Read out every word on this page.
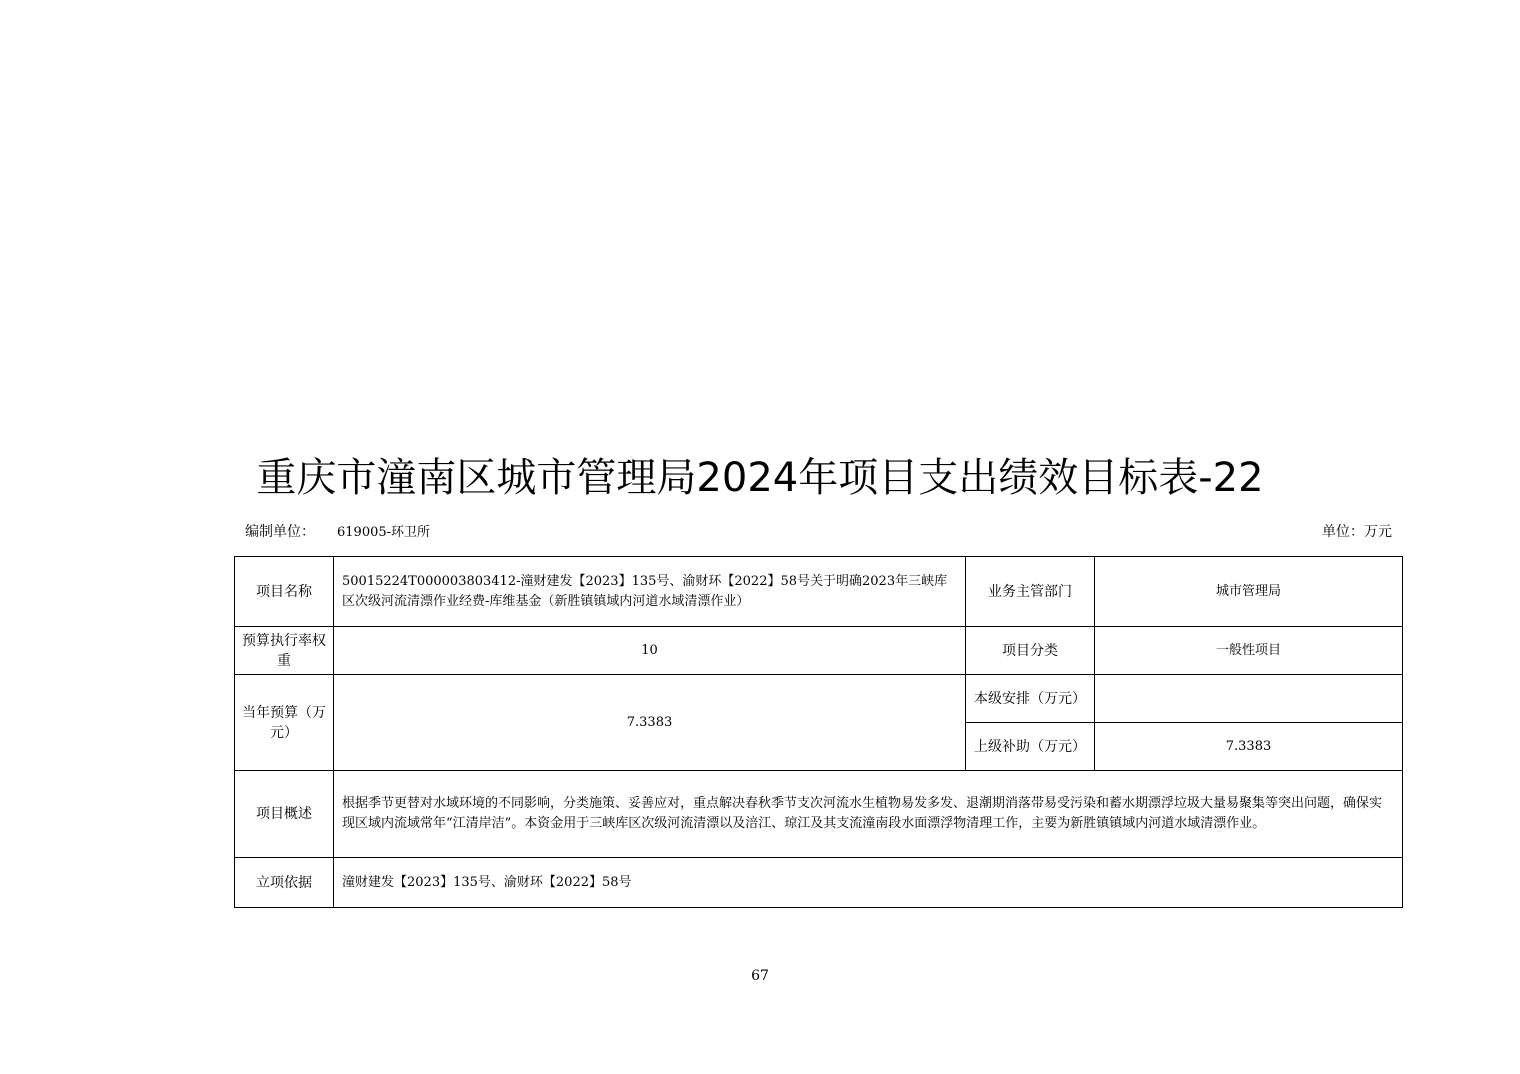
重庆市潼南区城市管理局2024年项目支出绩效目标表-22
编制单位： 619005-环卫所	单位：万元
项目名称	50015224T000003803412-潼财建发【2023】135号、渝财环【2022】58号关于明确2023年三峡库区次级河流清漂作业经费-库维基金（新胜镇镇域内河道水域清漂作业）	业务主管部门	城市管理局
预算执行率权重	10	项目分类	一般性项目
当年预算（万元）	7.3383	本级安排（万元）	
		上级补助（万元）	7.3383
项目概述	根据季节更替对水域环境的不同影响，分类施策、妥善应对，重点解决春秋季节支次河流水生植物易发多发、退潮期消落带易受污染和蓄水期漂浮垃圾大量易聚集等突出问题，确保实现区域内流域常年“江清岸洁”。本资金用于三峡库区次级河流清漂以及涪江、琼江及其支流潼南段水面漂浮物清理工作，主要为新胜镇镇域内河道水域清漂作业。		
立项依据	潼财建发【2023】135号、渝财环【2022】58号		
67
